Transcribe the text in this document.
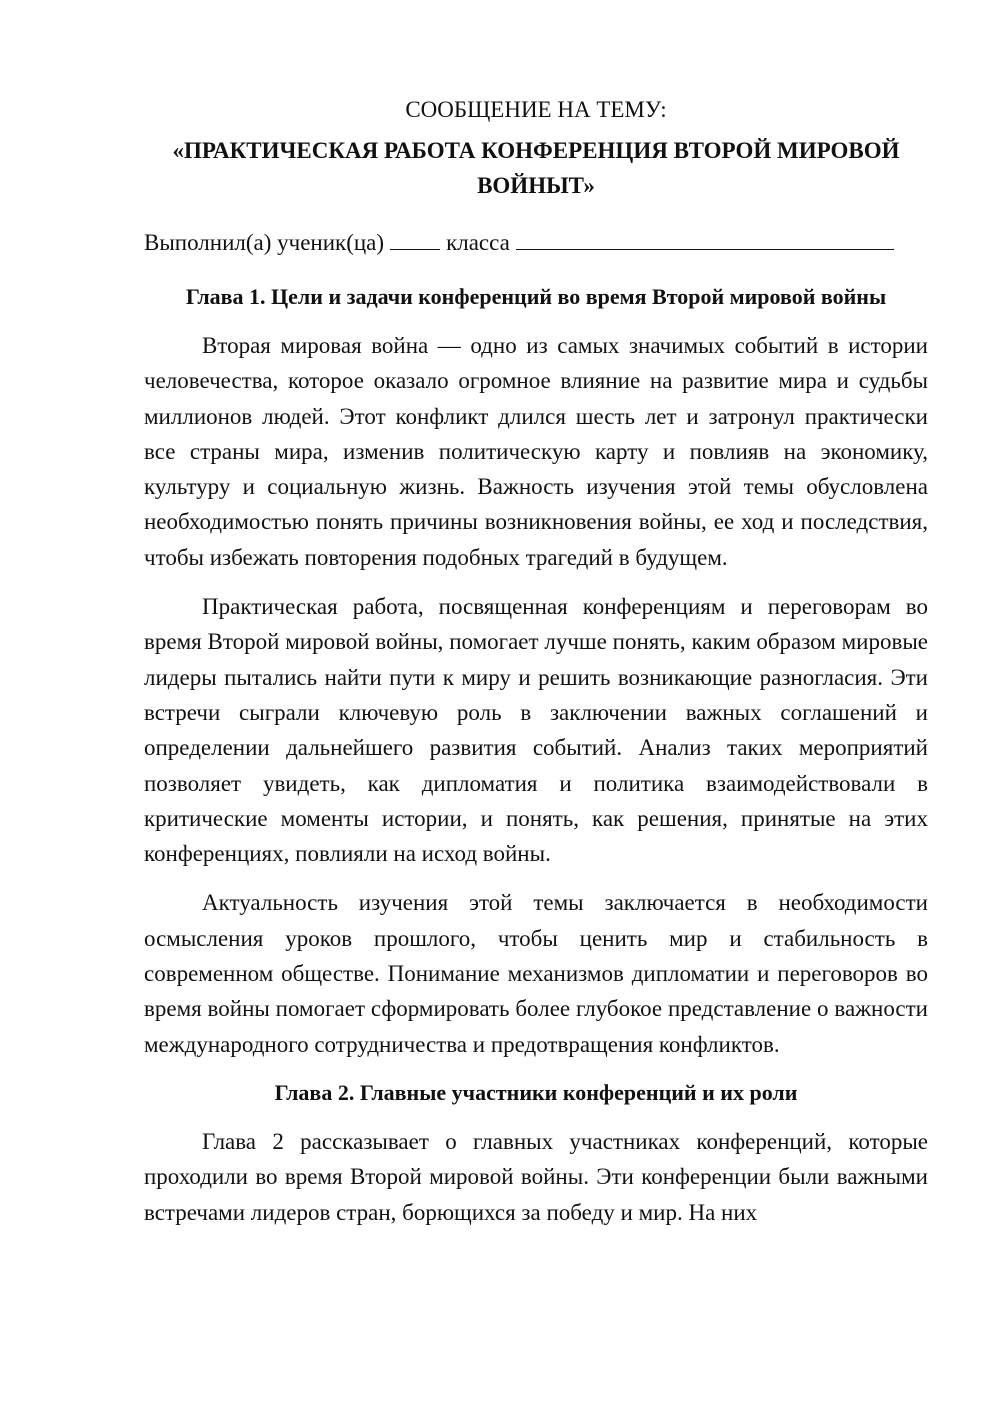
СООБЩЕНИЕ НА ТЕМУ:

«ПРАКТИЧЕСКАЯ РАБОТА КОНФЕРЕНЦИЯ ВТОРОЙ МИРОВОЙ ВОЙНЫТ»

Выполнил(а) ученик(ца)	класса

Глава 1. Цели и задачи конференций во время Второй мировой войны

Вторая мировая война — одно из самых значимых событий в истории человечества, которое оказало огромное влияние на развитие мира и судьбы миллионов людей. Этот конфликт длился шесть лет и затронул практически все страны мира, изменив политическую карту и повлияв на экономику, культуру и социальную жизнь. Важность изучения этой темы обусловлена необходимостью понять причины возникновения войны, ее ход и последствия, чтобы избежать повторения подобных трагедий в будущем.

Практическая работа, посвященная конференциям и переговорам во время Второй мировой войны, помогает лучше понять, каким образом мировые лидеры пытались найти пути к миру и решить возникающие разногласия. Эти встречи сыграли ключевую роль в заключении важных соглашений и определении дальнейшего развития событий. Анализ таких мероприятий позволяет увидеть, как дипломатия и политика взаимодействовали в критические моменты истории, и понять, как решения, принятые на этих конференциях, повлияли на исход войны.

Актуальность изучения этой темы заключается в необходимости осмысления уроков прошлого, чтобы ценить мир и стабильность в современном обществе. Понимание механизмов дипломатии и переговоров во время войны помогает сформировать более глубокое представление о важности международного сотрудничества и предотвращения конфликтов.

Глава 2. Главные участники конференций и их роли

Глава 2 рассказывает о главных участниках конференций, которые проходили во время Второй мировой войны. Эти конференции были важными встречами лидеров стран, борющихся за победу и мир. На них
